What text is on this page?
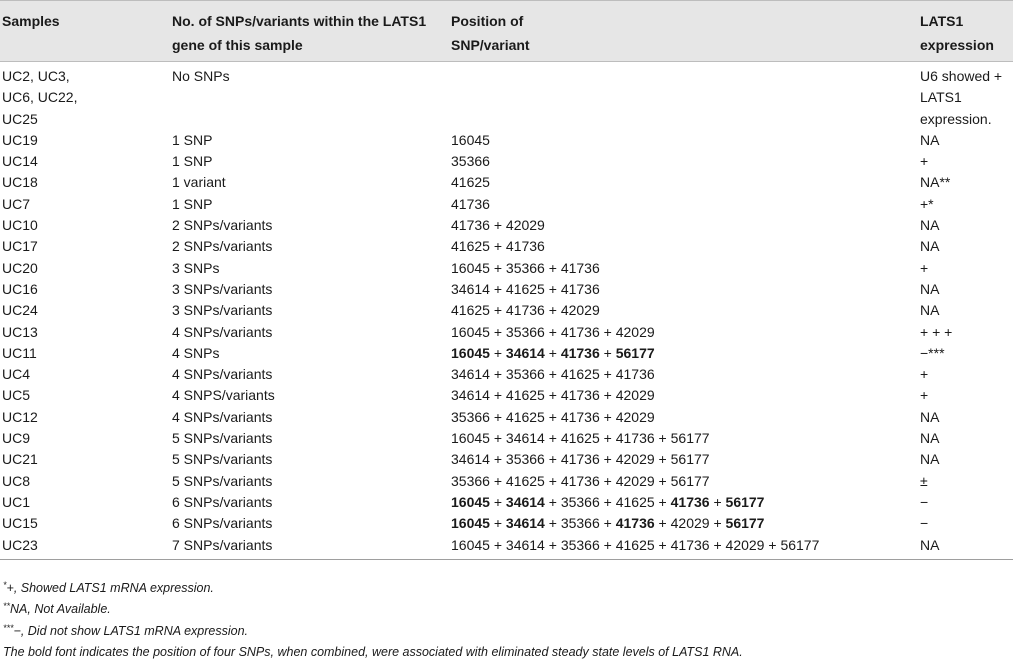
Samples	No. of SNPs/variants within the LATS1 gene of this sample	Position of SNP/variant	LATS1 expression
UC2, UC3, UC6, UC22, UC25	No SNPs		U6 showed + LATS1 expression.
UC19	1 SNP	16045	NA
UC14	1 SNP	35366	+
UC18	1 variant	41625	NA**
UC7	1 SNP	41736	+*
UC10	2 SNPs/variants	41736 + 42029	NA
UC17	2 SNPs/variants	41625 + 41736	NA
UC20	3 SNPs	16045 + 35366 + 41736	+
UC16	3 SNPs/variants	34614 + 41625 + 41736	NA
UC24	3 SNPs/variants	41625 + 41736 + 42029	NA
UC13	4 SNPs/variants	16045 + 35366 + 41736 + 42029	+ + +
UC11	4 SNPs	16045 + 34614 + 41736 + 56177	−***
UC4	4 SNPs/variants	34614 + 35366 + 41625 + 41736	+
UC5	4 SNPS/variants	34614 + 41625 + 41736 + 42029	+
UC12	4 SNPs/variants	35366 + 41625 + 41736 + 42029	NA
UC9	5 SNPs/variants	16045 + 34614 + 41625 + 41736 + 56177	NA
UC21	5 SNPs/variants	34614 + 35366 + 41736 + 42029 + 56177	NA
UC8	5 SNPs/variants	35366 + 41625 + 41736 + 42029 + 56177	±
UC1	6 SNPs/variants	16045 + 34614 + 35366 + 41625 + 41736 + 56177	−
UC15	6 SNPs/variants	16045 + 34614 + 35366 + 41736 + 42029 + 56177	−
UC23	7 SNPs/variants	16045 + 34614 + 35366 + 41625 + 41736 + 42029 + 56177	NA
*+, Showed LATS1 mRNA expression.
**NA, Not Available.
***−, Did not show LATS1 mRNA expression.
The bold font indicates the position of four SNPs, when combined, were associated with eliminated steady state levels of LATS1 RNA.
